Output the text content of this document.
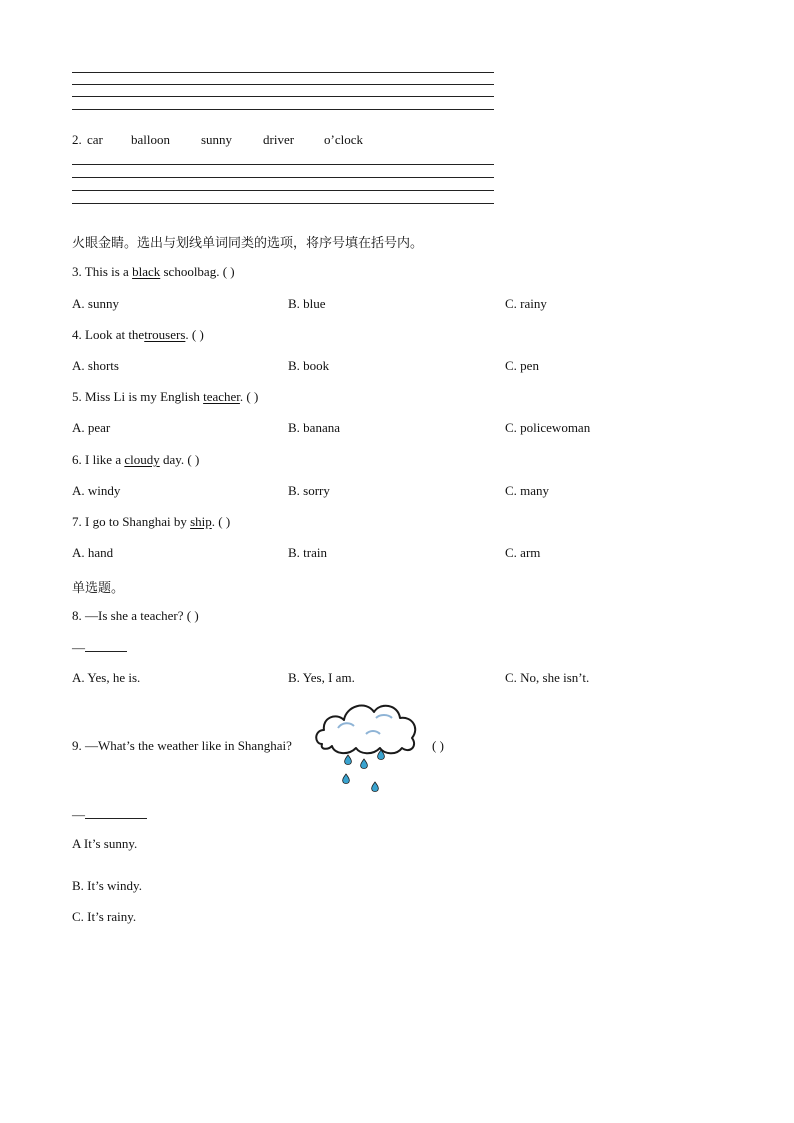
2. car balloon sunny driver o’clock
火眼金睛。选出与划线单词同类的选项，将序号填在括号内。
3. This is a black schoolbag. ( )
A. sunny	B. blue	C. rainy
4. Look at thetrousers. ( )
A. shorts	B. book	C. pen
5. Miss Li is my English teacher. ( )
A. pear	B. banana	C. policewoman
6. I like a cloudy day. ( )
A. windy	B. sorry	C. many
7. I go to Shanghai by ship. ( )
A. hand	B. train	C. arm
单选题。
8. —Is she a teacher? ( )
—
A. Yes, he is.	B. Yes, I am.	C. No, she isn’t.
9. —What’s the weather like in Shanghai?	( )
—
A It’s sunny.
B. It’s windy.
C. It’s rainy.
